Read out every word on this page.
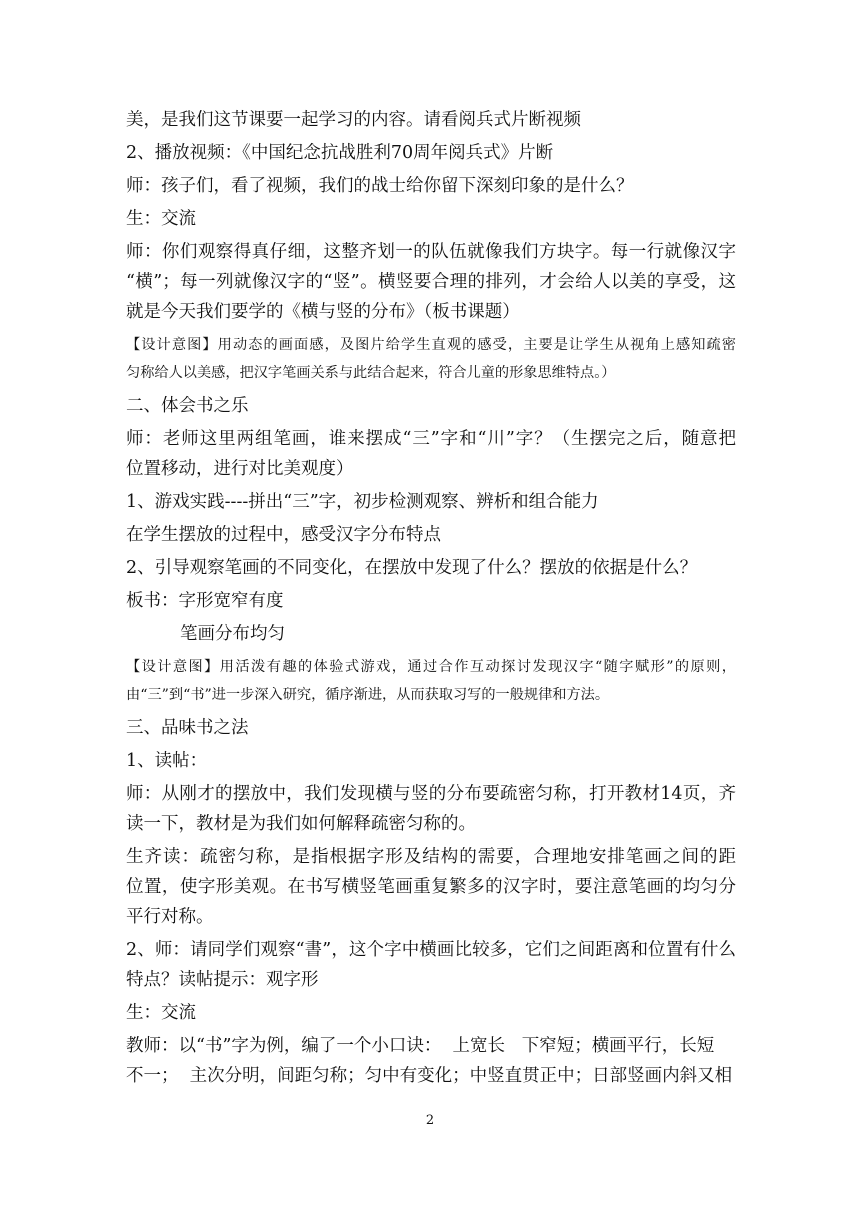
美，是我们这节课要一起学习的内容。请看阅兵式片断视频
2、播放视频：《中国纪念抗战胜利70周年阅兵式》片断
师：孩子们，看了视频，我们的战士给你留下深刻印象的是什么？
生：交流
师：你们观察得真仔细，这整齐划一的队伍就像我们方块字。每一行就像汉字
“横”；每一列就像汉字的“竖”。横竖要合理的排列，才会给人以美的享受，这
就是今天我们要学的《横与竖的分布》（板书课题）
【设计意图】用动态的画面感，及图片给学生直观的感受，主要是让学生从视角上感知疏密
匀称给人以美感，把汉字笔画关系与此结合起来，符合儿童的形象思维特点。）
二、体会书之乐
师：老师这里两组笔画，谁来摆成“三”字和“川”字？（生摆完之后，随意把
位置移动，进行对比美观度）
1、游戏实践----拼出“三”字，初步检测观察、辨析和组合能力
在学生摆放的过程中，感受汉字分布特点
2、引导观察笔画的不同变化，在摆放中发现了什么？摆放的依据是什么？
板书：字形宽窄有度
笔画分布均匀
【设计意图】用活泼有趣的体验式游戏，通过合作互动探讨发现汉字“随字赋形”的原则，
由“三”到“书”进一步深入研究，循序渐进，从而获取习写的一般规律和方法。
三、品味书之法
1、读帖：
师：从刚才的摆放中，我们发现横与竖的分布要疏密匀称，打开教材14页，齐
读一下，教材是为我们如何解释疏密匀称的。
生齐读：疏密匀称，是指根据字形及结构的需要，合理地安排笔画之间的距
位置，使字形美观。在书写横竖笔画重复繁多的汉字时，要注意笔画的均匀分
平行对称。
2、师：请同学们观察“書”，这个字中横画比较多，它们之间距离和位置有什么
特点？读帖提示：观字形
生：交流
教师：以“书”字为例，编了一个小口诀：  上宽长   下窄短；横画平行，长短
不一；  主次分明，间距匀称；匀中有变化；中竖直贯正中；日部竖画内斜又相
2
